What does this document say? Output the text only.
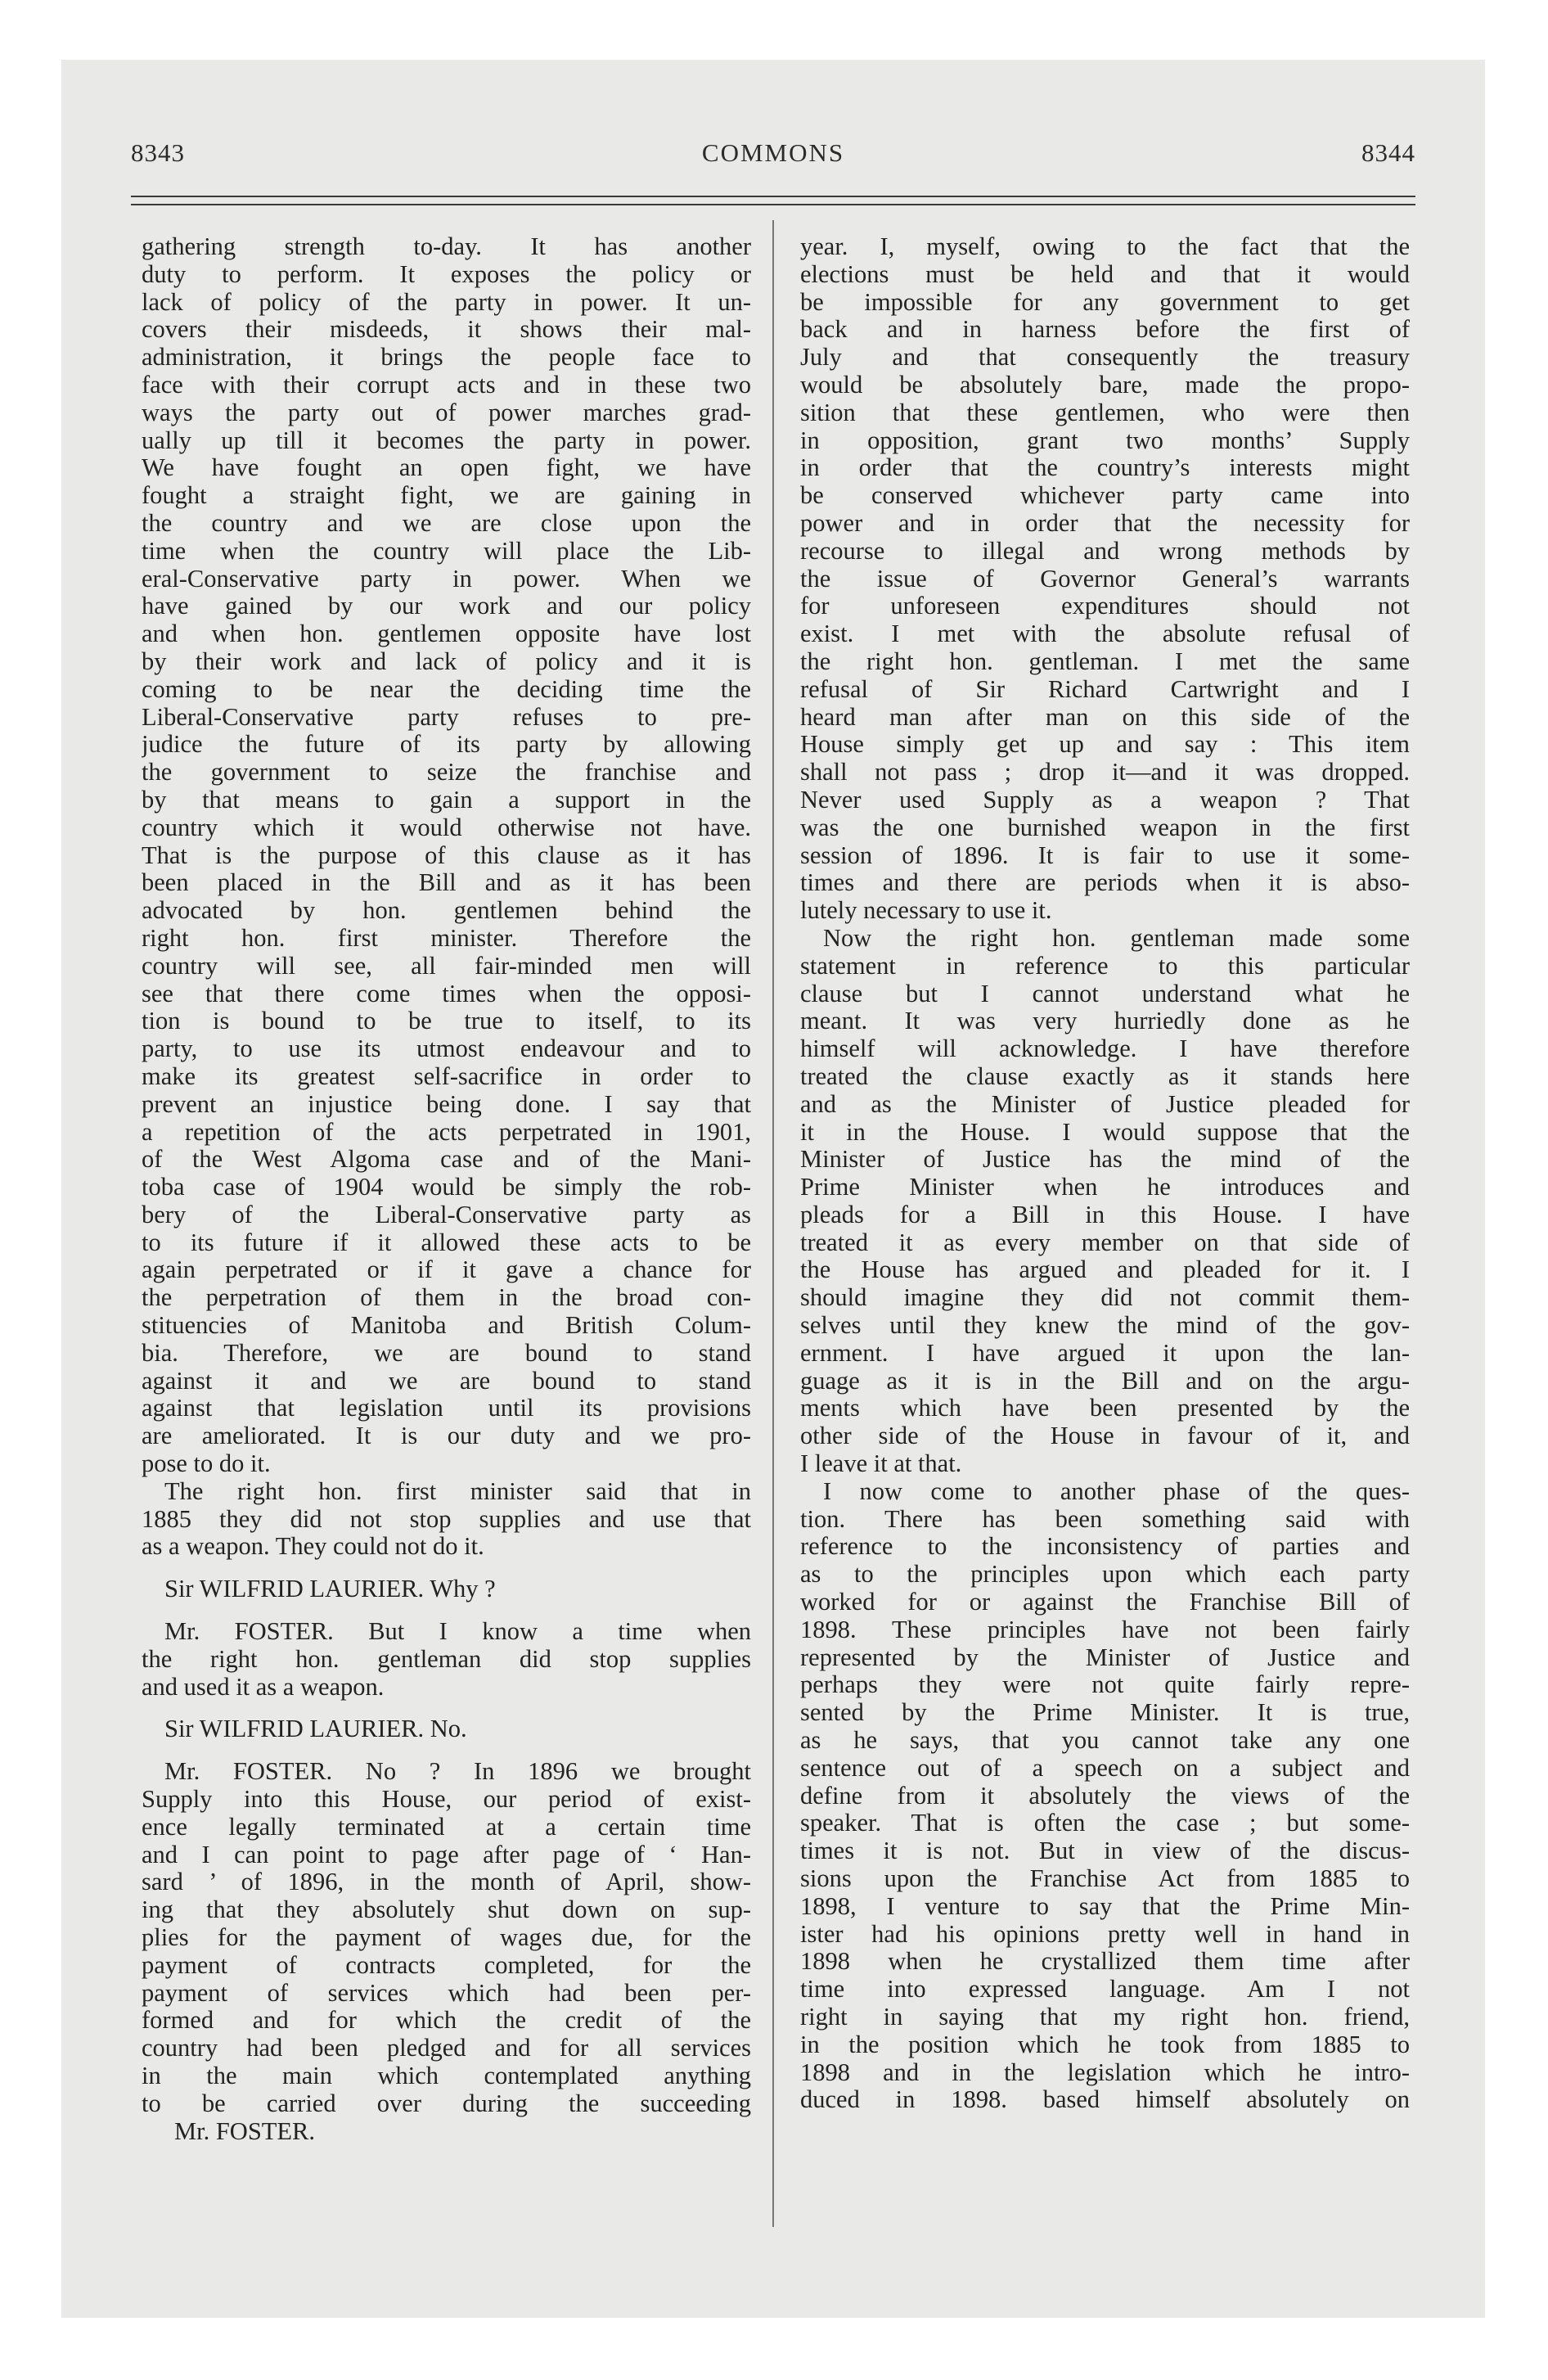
8343	COMMONS	8344
gathering strength to-day. It has another
duty to perform. It exposes the policy or
lack of policy of the party in power. It un-
covers their misdeeds, it shows their mal-
administration, it brings the people face to
face with their corrupt acts and in these two
ways the party out of power marches grad-
ually up till it becomes the party in power.
We have fought an open fight, we have
fought a straight fight, we are gaining in
the country and we are close upon the
time when the country will place the Lib-
eral-Conservative party in power. When we
have gained by our work and our policy
and when hon. gentlemen opposite have lost
by their work and lack of policy and it is
coming to be near the deciding time the
Liberal-Conservative party refuses to pre-
judice the future of its party by allowing
the government to seize the franchise and
by that means to gain a support in the
country which it would otherwise not have.
That is the purpose of this clause as it has
been placed in the Bill and as it has been
advocated by hon. gentlemen behind the
right hon. first minister. Therefore the
country will see, all fair-minded men will
see that there come times when the opposi-
tion is bound to be true to itself, to its
party, to use its utmost endeavour and to
make its greatest self-sacrifice in order to
prevent an injustice being done. I say that
a repetition of the acts perpetrated in 1901,
of the West Algoma case and of the Mani-
toba case of 1904 would be simply the rob-
bery of the Liberal-Conservative party as
to its future if it allowed these acts to be
again perpetrated or if it gave a chance for
the perpetration of them in the broad con-
stituencies of Manitoba and British Colum-
bia. Therefore, we are bound to stand
against it and we are bound to stand
against that legislation until its provisions
are ameliorated. It is our duty and we pro-
pose to do it.
The right hon. first minister said that in
1885 they did not stop supplies and use that
as a weapon. They could not do it.
Sir WILFRID LAURIER. Why ?
Mr. FOSTER. But I know a time when
the right hon. gentleman did stop supplies
and used it as a weapon.
Sir WILFRID LAURIER. No.
Mr. FOSTER. No ? In 1896 we brought
Supply into this House, our period of exist-
ence legally terminated at a certain time
and I can point to page after page of ‘ Han-
sard ’ of 1896, in the month of April, show-
ing that they absolutely shut down on sup-
plies for the payment of wages due, for the
payment of contracts completed, for the
payment of services which had been per-
formed and for which the credit of the
country had been pledged and for all services
in the main which contemplated anything
to be carried over during the succeeding
Mr. FOSTER.
year. I, myself, owing to the fact that the
elections must be held and that it would
be impossible for any government to get
back and in harness before the first of
July and that consequently the treasury
would be absolutely bare, made the propo-
sition that these gentlemen, who were then
in opposition, grant two months’ Supply
in order that the country’s interests might
be conserved whichever party came into
power and in order that the necessity for
recourse to illegal and wrong methods by
the issue of Governor General’s warrants
for unforeseen expenditures should not
exist. I met with the absolute refusal of
the right hon. gentleman. I met the same
refusal of Sir Richard Cartwright and I
heard man after man on this side of the
House simply get up and say : This item
shall not pass ; drop it—and it was dropped.
Never used Supply as a weapon ? That
was the one burnished weapon in the first
session of 1896. It is fair to use it some-
times and there are periods when it is abso-
lutely necessary to use it.
Now the right hon. gentleman made some
statement in reference to this particular
clause but I cannot understand what he
meant. It was very hurriedly done as he
himself will acknowledge. I have therefore
treated the clause exactly as it stands here
and as the Minister of Justice pleaded for
it in the House. I would suppose that the
Minister of Justice has the mind of the
Prime Minister when he introduces and
pleads for a Bill in this House. I have
treated it as every member on that side of
the House has argued and pleaded for it. I
should imagine they did not commit them-
selves until they knew the mind of the gov-
ernment. I have argued it upon the lan-
guage as it is in the Bill and on the argu-
ments which have been presented by the
other side of the House in favour of it, and
I leave it at that.
I now come to another phase of the ques-
tion. There has been something said with
reference to the inconsistency of parties and
as to the principles upon which each party
worked for or against the Franchise Bill of
1898. These principles have not been fairly
represented by the Minister of Justice and
perhaps they were not quite fairly repre-
sented by the Prime Minister. It is true,
as he says, that you cannot take any one
sentence out of a speech on a subject and
define from it absolutely the views of the
speaker. That is often the case ; but some-
times it is not. But in view of the discus-
sions upon the Franchise Act from 1885 to
1898, I venture to say that the Prime Min-
ister had his opinions pretty well in hand in
1898 when he crystallized them time after
time into expressed language. Am I not
right in saying that my right hon. friend,
in the position which he took from 1885 to
1898 and in the legislation which he intro-
duced in 1898. based himself absolutely on
